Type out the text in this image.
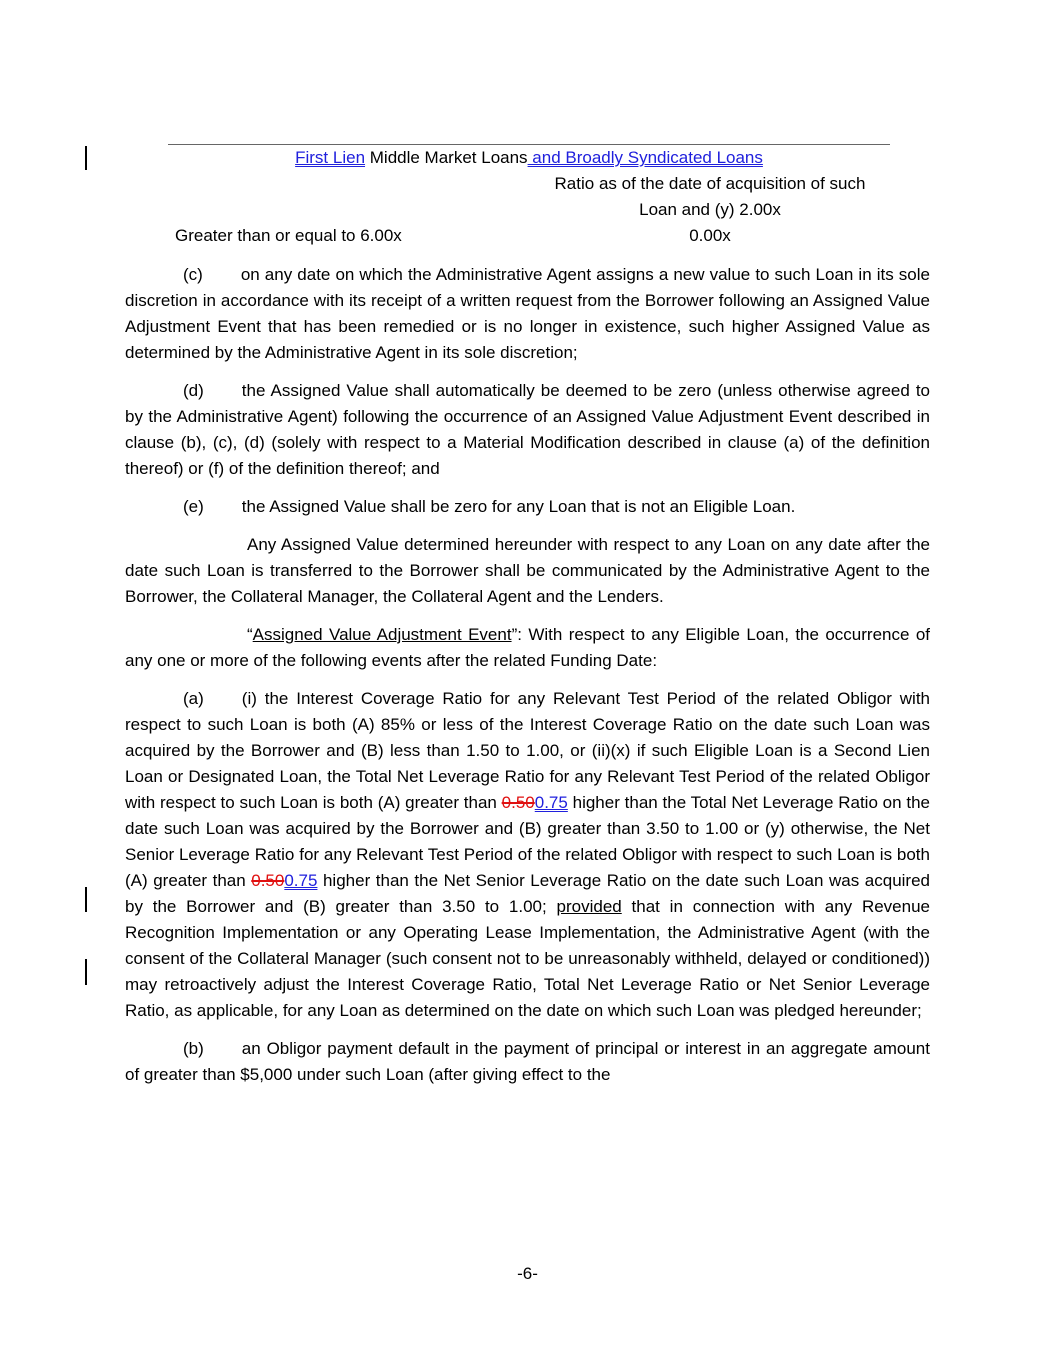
First Lien Middle Market Loans and Broadly Syndicated Loans
Ratio as of the date of acquisition of such
Loan and (y) 2.00x
Greater than or equal to 6.00x	0.00x

(c) on any date on which the Administrative Agent assigns a new value to such Loan in its sole discretion in accordance with its receipt of a written request from the Borrower following an Assigned Value Adjustment Event that has been remedied or is no longer in existence, such higher Assigned Value as determined by the Administrative Agent in its sole discretion;

(d) the Assigned Value shall automatically be deemed to be zero (unless otherwise agreed to by the Administrative Agent) following the occurrence of an Assigned Value Adjustment Event described in clause (b), (c), (d) (solely with respect to a Material Modification described in clause (a) of the definition thereof) or (f) of the definition thereof; and

(e) the Assigned Value shall be zero for any Loan that is not an Eligible Loan.

Any Assigned Value determined hereunder with respect to any Loan on any date after the date such Loan is transferred to the Borrower shall be communicated by the Administrative Agent to the Borrower, the Collateral Manager, the Collateral Agent and the Lenders.

“Assigned Value Adjustment Event”: With respect to any Eligible Loan, the occurrence of any one or more of the following events after the related Funding Date:

(a) (i) the Interest Coverage Ratio for any Relevant Test Period of the related Obligor with respect to such Loan is both (A) 85% or less of the Interest Coverage Ratio on the date such Loan was acquired by the Borrower and (B) less than 1.50 to 1.00, or (ii)(x) if such Eligible Loan is a Second Lien Loan or Designated Loan, the Total Net Leverage Ratio for any Relevant Test Period of the related Obligor with respect to such Loan is both (A) greater than 0.500.75 higher than the Total Net Leverage Ratio on the date such Loan was acquired by the Borrower and (B) greater than 3.50 to 1.00 or (y) otherwise, the Net Senior Leverage Ratio for any Relevant Test Period of the related Obligor with respect to such Loan is both (A) greater than 0.500.75 higher than the Net Senior Leverage Ratio on the date such Loan was acquired by the Borrower and (B) greater than 3.50 to 1.00; provided that in connection with any Revenue Recognition Implementation or any Operating Lease Implementation, the Administrative Agent (with the consent of the Collateral Manager (such consent not to be unreasonably withheld, delayed or conditioned)) may retroactively adjust the Interest Coverage Ratio, Total Net Leverage Ratio or Net Senior Leverage Ratio, as applicable, for any Loan as determined on the date on which such Loan was pledged hereunder;

(b) an Obligor payment default in the payment of principal or interest in an aggregate amount of greater than $5,000 under such Loan (after giving effect to the

-6-
